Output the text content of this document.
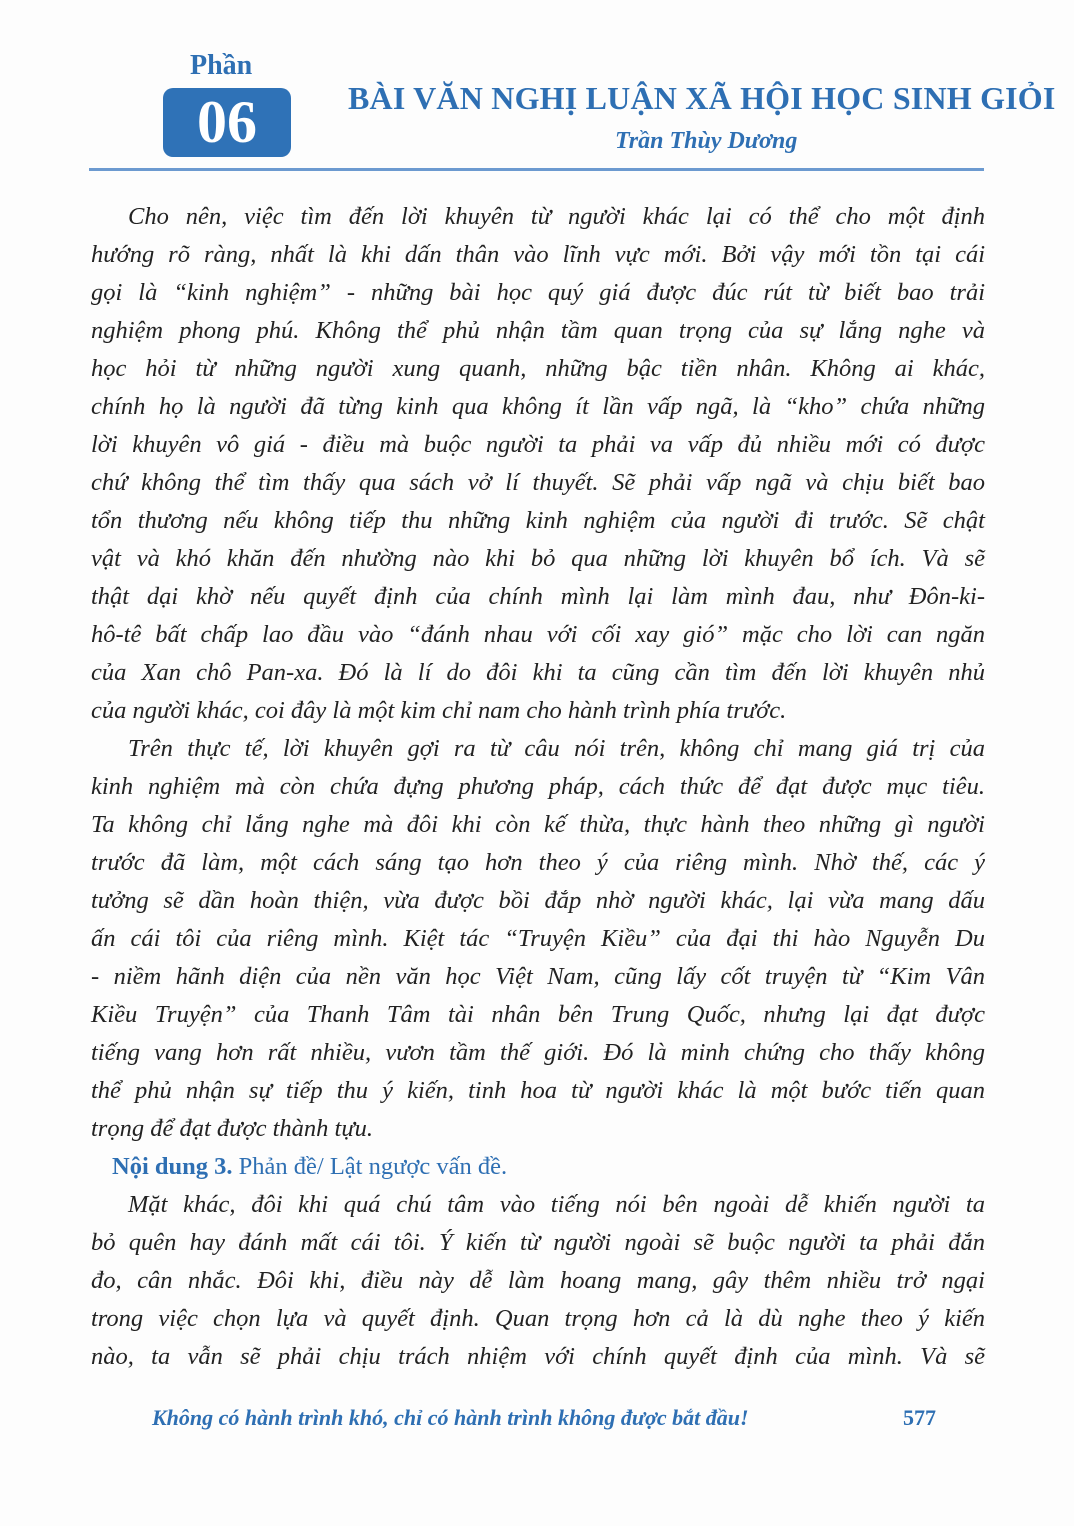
Phần
06	BÀI VĂN NGHỊ LUẬN XÃ HỘI HỌC SINH GIỎI
Trần Thùy Dương
Cho nên, việc tìm đến lời khuyên từ người khác lại có thể cho một định
hướng rõ ràng, nhất là khi dấn thân vào lĩnh vực mới. Bởi vậy mới tồn tại cái
gọi là “kinh nghiệm” - những bài học quý giá được đúc rút từ biết bao trải
nghiệm phong phú. Không thể phủ nhận tầm quan trọng của sự lắng nghe và
học hỏi từ những người xung quanh, những bậc tiền nhân. Không ai khác,
chính họ là người đã từng kinh qua không ít lần vấp ngã, là “kho” chứa những
lời khuyên vô giá - điều mà buộc người ta phải va vấp đủ nhiều mới có được
chứ không thể tìm thấy qua sách vở lí thuyết. Sẽ phải vấp ngã và chịu biết bao
tổn thương nếu không tiếp thu những kinh nghiệm của người đi trước. Sẽ chật
vật và khó khăn đến nhường nào khi bỏ qua những lời khuyên bổ ích. Và sẽ
thật dại khờ nếu quyết định của chính mình lại làm mình đau, như Đôn-ki-
hô-tê bất chấp lao đầu vào “đánh nhau với cối xay gió” mặc cho lời can ngăn
của Xan chô Pan-xa. Đó là lí do đôi khi ta cũng cần tìm đến lời khuyên nhủ
của người khác, coi đây là một kim chỉ nam cho hành trình phía trước.
Trên thực tế, lời khuyên gợi ra từ câu nói trên, không chỉ mang giá trị của
kinh nghiệm mà còn chứa đựng phương pháp, cách thức để đạt được mục tiêu.
Ta không chỉ lắng nghe mà đôi khi còn kế thừa, thực hành theo những gì người
trước đã làm, một cách sáng tạo hơn theo ý của riêng mình. Nhờ thế, các ý
tưởng sẽ dần hoàn thiện, vừa được bồi đắp nhờ người khác, lại vừa mang dấu
ấn cái tôi của riêng mình. Kiệt tác “Truyện Kiều” của đại thi hào Nguyễn Du
- niềm hãnh diện của nền văn học Việt Nam, cũng lấy cốt truyện từ “Kim Vân
Kiều Truyện” của Thanh Tâm tài nhân bên Trung Quốc, nhưng lại đạt được
tiếng vang hơn rất nhiều, vươn tầm thế giới. Đó là minh chứng cho thấy không
thể phủ nhận sự tiếp thu ý kiến, tinh hoa từ người khác là một bước tiến quan
trọng để đạt được thành tựu.
Nội dung 3. Phản đề/ Lật ngược vấn đề.
Mặt khác, đôi khi quá chú tâm vào tiếng nói bên ngoài dễ khiến người ta
bỏ quên hay đánh mất cái tôi. Ý kiến từ người ngoài sẽ buộc người ta phải đắn
đo, cân nhắc. Đôi khi, điều này dễ làm hoang mang, gây thêm nhiều trở ngại
trong việc chọn lựa và quyết định. Quan trọng hơn cả là dù nghe theo ý kiến
nào, ta vẫn sẽ phải chịu trách nhiệm với chính quyết định của mình. Và sẽ
Không có hành trình khó, chỉ có hành trình không được bắt đầu!	577
